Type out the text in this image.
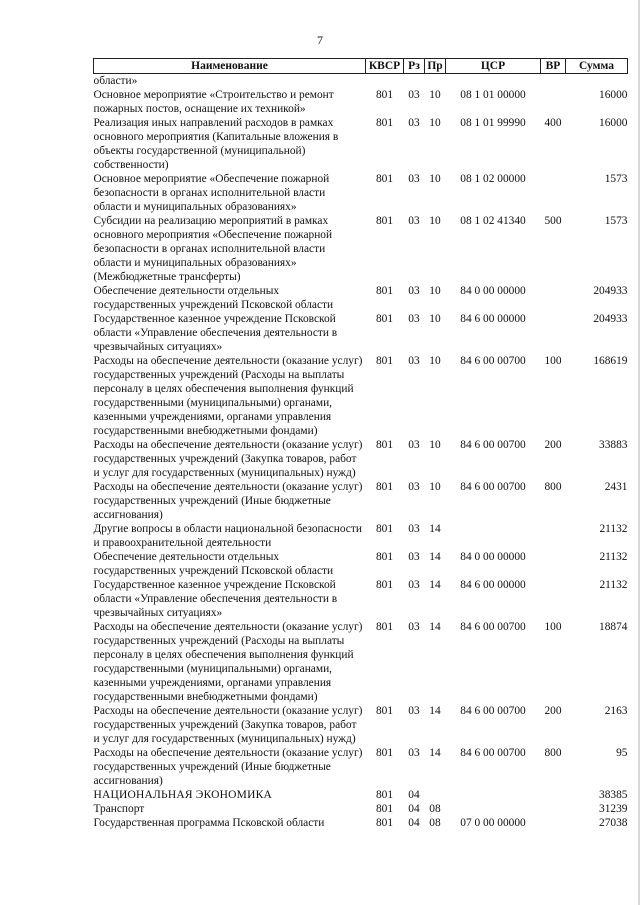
7
Наименование	КВСР	Рз	Пр	ЦСР	ВР	Сумма
области»						
Основное мероприятие «Строительство и ремонт пожарных постов, оснащение их техникой»	801	03	10	08 1 01 00000		16000
Реализация иных направлений расходов в рамках основного мероприятия (Капитальные вложения в объекты государственной (муниципальной) собственности)	801	03	10	08 1 01 99990	400	16000
Основное мероприятие «Обеспечение пожарной безопасности в органах исполнительной власти области и муниципальных образованиях»	801	03	10	08 1 02 00000		1573
Субсидии на реализацию мероприятий в рамках основного мероприятия «Обеспечение пожарной безопасности в органах исполнительной власти области и муниципальных образованиях» (Межбюджетные трансферты)	801	03	10	08 1 02 41340	500	1573
Обеспечение деятельности отдельных государственных учреждений Псковской области	801	03	10	84 0 00 00000		204933
Государственное казенное учреждение Псковской области «Управление обеспечения деятельности в чрезвычайных ситуациях»	801	03	10	84 6 00 00000		204933
Расходы на обеспечение деятельности (оказание услуг) государственных учреждений (Расходы на выплаты персоналу в целях обеспечения выполнения функций государственными (муниципальными) органами, казенными учреждениями, органами управления государственными внебюджетными фондами)	801	03	10	84 6 00 00700	100	168619
Расходы на обеспечение деятельности (оказание услуг) государственных учреждений (Закупка товаров, работ и услуг для государственных (муниципальных) нужд)	801	03	10	84 6 00 00700	200	33883
Расходы на обеспечение деятельности (оказание услуг) государственных учреждений (Иные бюджетные ассигнования)	801	03	10	84 6 00 00700	800	2431
Другие вопросы в области национальной безопасности и правоохранительной деятельности	801	03	14			21132
Обеспечение деятельности отдельных государственных учреждений Псковской области	801	03	14	84 0 00 00000		21132
Государственное казенное учреждение Псковской области «Управление обеспечения деятельности в чрезвычайных ситуациях»	801	03	14	84 6 00 00000		21132
Расходы на обеспечение деятельности (оказание услуг) государственных учреждений (Расходы на выплаты персоналу в целях обеспечения выполнения функций государственными (муниципальными) органами, казенными учреждениями, органами управления государственными внебюджетными фондами)	801	03	14	84 6 00 00700	100	18874
Расходы на обеспечение деятельности (оказание услуг) государственных учреждений (Закупка товаров, работ и услуг для государственных (муниципальных) нужд)	801	03	14	84 6 00 00700	200	2163
Расходы на обеспечение деятельности (оказание услуг) государственных учреждений (Иные бюджетные ассигнования)	801	03	14	84 6 00 00700	800	95
НАЦИОНАЛЬНАЯ ЭКОНОМИКА	801	04				38385
Транспорт	801	04	08			31239
Государственная программа Псковской области	801	04	08	07 0 00 00000		27038
